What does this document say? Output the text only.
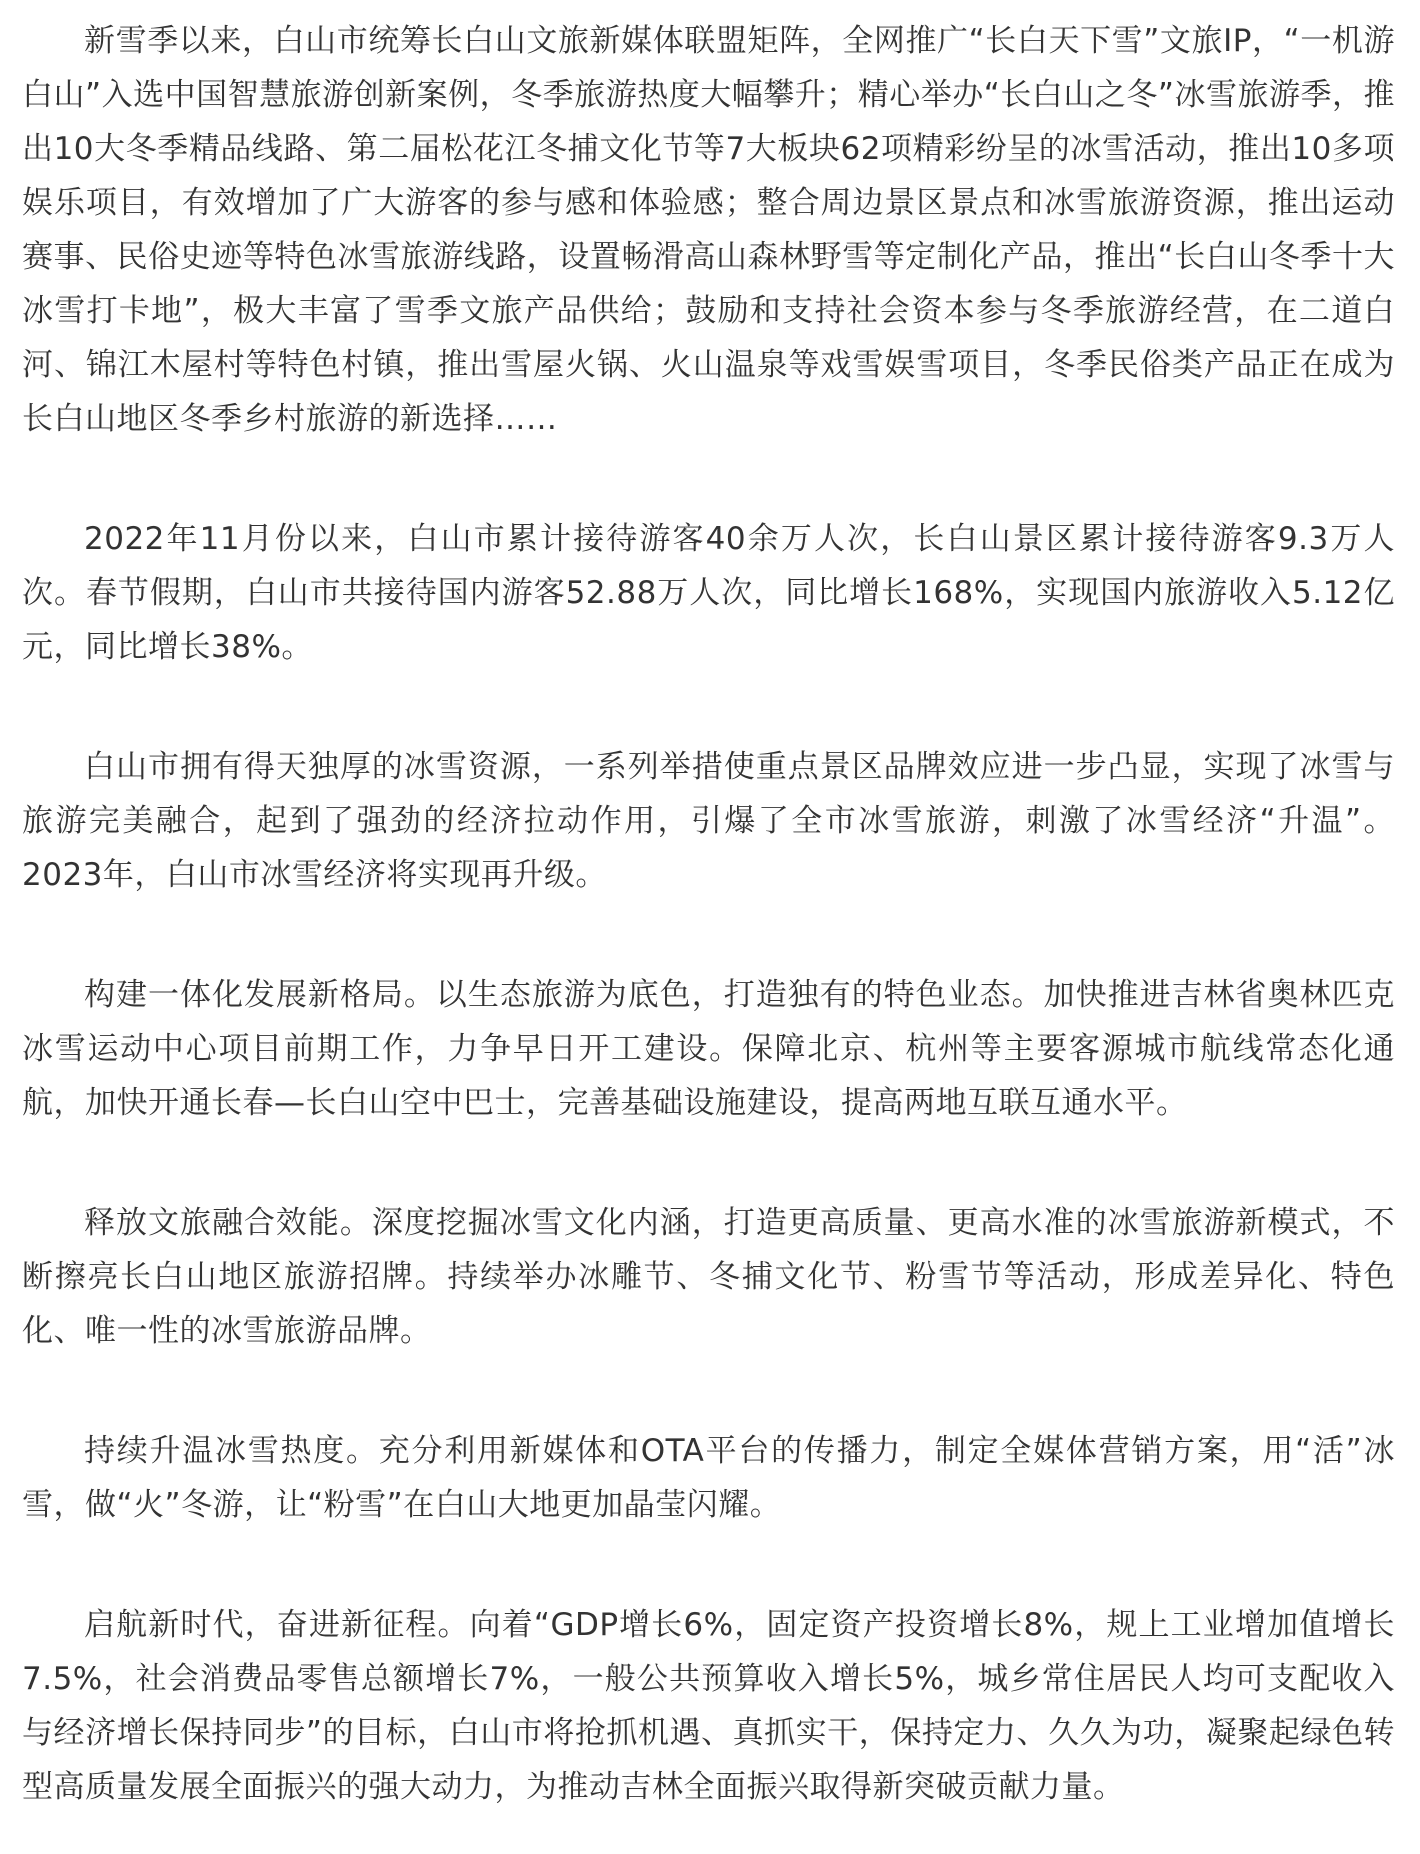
新雪季以来，白山市统筹长白山文旅新媒体联盟矩阵，全网推广“长白天下雪”文旅IP，“一机游白山”入选中国智慧旅游创新案例，冬季旅游热度大幅攀升；精心举办“长白山之冬”冰雪旅游季，推出10大冬季精品线路、第二届松花江冬捕文化节等7大板块62项精彩纷呈的冰雪活动，推出10多项娱乐项目，有效增加了广大游客的参与感和体验感；整合周边景区景点和冰雪旅游资源，推出运动赛事、民俗史迹等特色冰雪旅游线路，设置畅滑高山森林野雪等定制化产品，推出“长白山冬季十大冰雪打卡地”，极大丰富了雪季文旅产品供给；鼓励和支持社会资本参与冬季旅游经营，在二道白河、锦江木屋村等特色村镇，推出雪屋火锅、火山温泉等戏雪娱雪项目，冬季民俗类产品正在成为长白山地区冬季乡村旅游的新选择……

2022年11月份以来，白山市累计接待游客40余万人次，长白山景区累计接待游客9.3万人次。春节假期，白山市共接待国内游客52.88万人次，同比增长168%，实现国内旅游收入5.12亿元，同比增长38%。

白山市拥有得天独厚的冰雪资源，一系列举措使重点景区品牌效应进一步凸显，实现了冰雪与旅游完美融合，起到了强劲的经济拉动作用，引爆了全市冰雪旅游，刺激了冰雪经济“升温”。2023年，白山市冰雪经济将实现再升级。

构建一体化发展新格局。以生态旅游为底色，打造独有的特色业态。加快推进吉林省奥林匹克冰雪运动中心项目前期工作，力争早日开工建设。保障北京、杭州等主要客源城市航线常态化通航，加快开通长春—长白山空中巴士，完善基础设施建设，提高两地互联互通水平。

释放文旅融合效能。深度挖掘冰雪文化内涵，打造更高质量、更高水准的冰雪旅游新模式，不断擦亮长白山地区旅游招牌。持续举办冰雕节、冬捕文化节、粉雪节等活动，形成差异化、特色化、唯一性的冰雪旅游品牌。

持续升温冰雪热度。充分利用新媒体和OTA平台的传播力，制定全媒体营销方案，用“活”冰雪，做“火”冬游，让“粉雪”在白山大地更加晶莹闪耀。

启航新时代，奋进新征程。向着“GDP增长6%，固定资产投资增长8%，规上工业增加值增长7.5%，社会消费品零售总额增长7%，一般公共预算收入增长5%，城乡常住居民人均可支配收入与经济增长保持同步”的目标，白山市将抢抓机遇、真抓实干，保持定力、久久为功，凝聚起绿色转型高质量发展全面振兴的强大动力，为推动吉林全面振兴取得新突破贡献力量。
